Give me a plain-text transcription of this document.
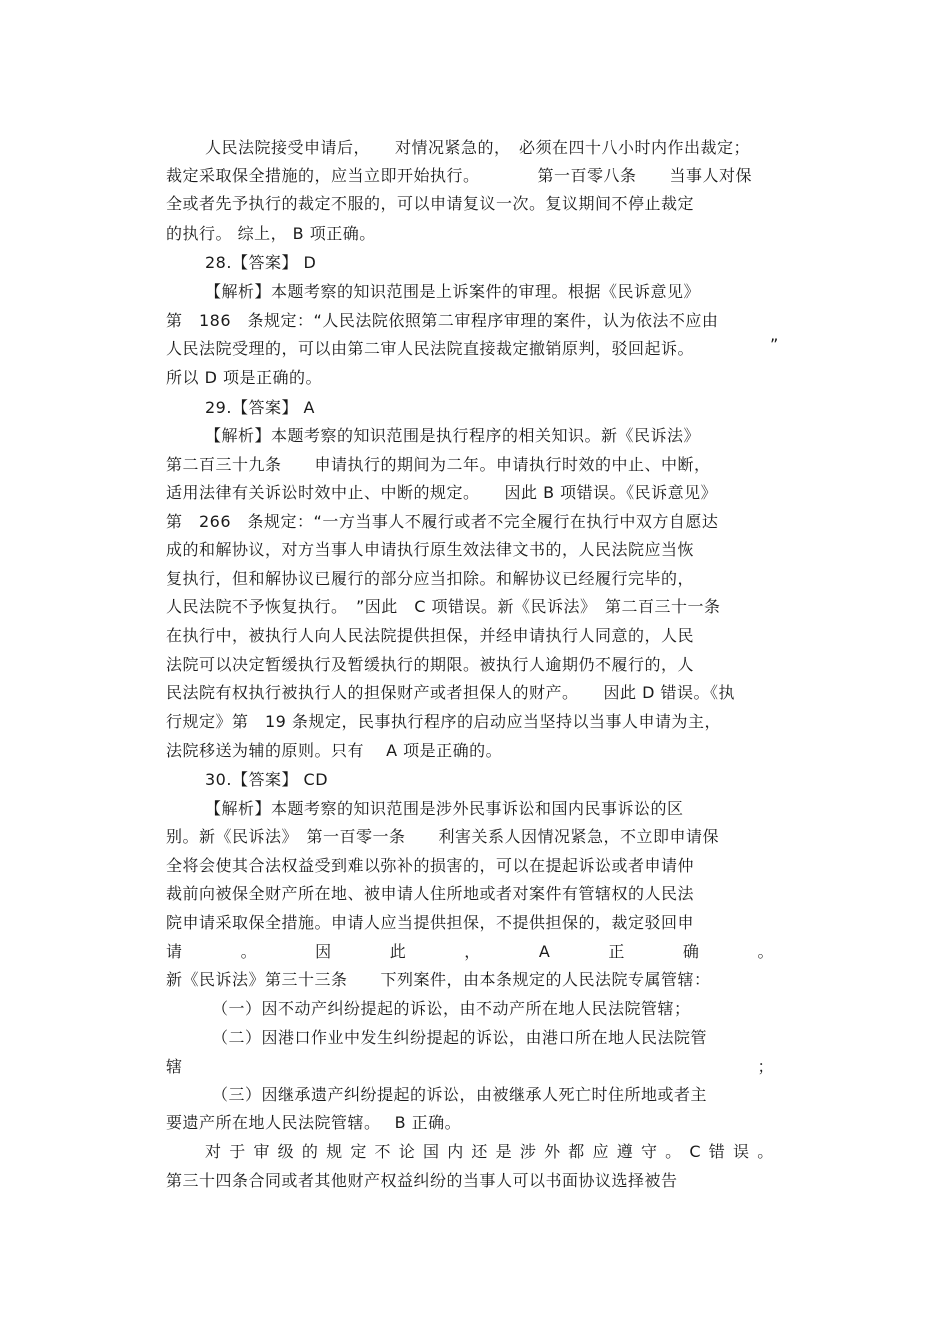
人民法院接受申请后，　　对情况紧急的，　必须在四十八小时内作出裁定；
裁定采取保全措施的，应当立即开始执行。　　　　第一百零八条　　当事人对保
全或者先予执行的裁定不服的，可以申请复议一次。复议期间不停止裁定
的执行。 综上， B 项正确。
28.【答案】 D
【解析】本题考察的知识范围是上诉案件的审理。根据《民诉意见》
第　186　条规定：“人民法院依照第二审程序审理的案件，认为依法不应由
人民法院受理的，可以由第二审人民法院直接裁定撤销原判，驳回起诉。	”
所以 D 项是正确的。
29.【答案】 A
【解析】本题考察的知识范围是执行程序的相关知识。新《民诉法》
第二百三十九条　　申请执行的期间为二年。申请执行时效的中止、中断，
适用法律有关诉讼时效中止、中断的规定。　　因此 B 项错误。《民诉意见》
第　266　条规定：“一方当事人不履行或者不完全履行在执行中双方自愿达
成的和解协议，对方当事人申请执行原生效法律文书的，人民法院应当恢
复执行，但和解协议已履行的部分应当扣除。和解协议已经履行完毕的，
人民法院不予恢复执行。　”因此　C 项错误。新《民诉法》　第二百三十一条
在执行中，被执行人向人民法院提供担保，并经申请执行人同意的，人民
法院可以决定暂缓执行及暂缓执行的期限。被执行人逾期仍不履行的，人
民法院有权执行被执行人的担保财产或者担保人的财产。　　因此 D 错误。《执
行规定》第　19 条规定，民事执行程序的启动应当坚持以当事人申请为主，
法院移送为辅的原则。只有　 A 项是正确的。
30.【答案】 CD
【解析】本题考察的知识范围是涉外民事诉讼和国内民事诉讼的区
别。新《民诉法》　第一百零一条　　利害关系人因情况紧急，不立即申请保
全将会使其合法权益受到难以弥补的损害的，可以在提起诉讼或者申请仲
裁前向被保全财产所在地、被申请人住所地或者对案件有管辖权的人民法
院申请采取保全措施。申请人应当提供担保，不提供担保的，裁定驳回申
请	。	因	此	，	A	正	确	。
新《民诉法》第三十三条　　下列案件，由本条规定的人民法院专属管辖：
（一）因不动产纠纷提起的诉讼，由不动产所在地人民法院管辖；
（二）因港口作业中发生纠纷提起的诉讼，由港口所在地人民法院管
辖	；
（三）因继承遗产纠纷提起的诉讼，由被继承人死亡时住所地或者主
要遗产所在地人民法院管辖。　 B 正确。
对 于 审 级 的 规 定 不 论 国 内 还 是 涉 外 都 应 遵 守 。 C 错 误 。
第三十四条合同或者其他财产权益纠纷的当事人可以书面协议选择被告
